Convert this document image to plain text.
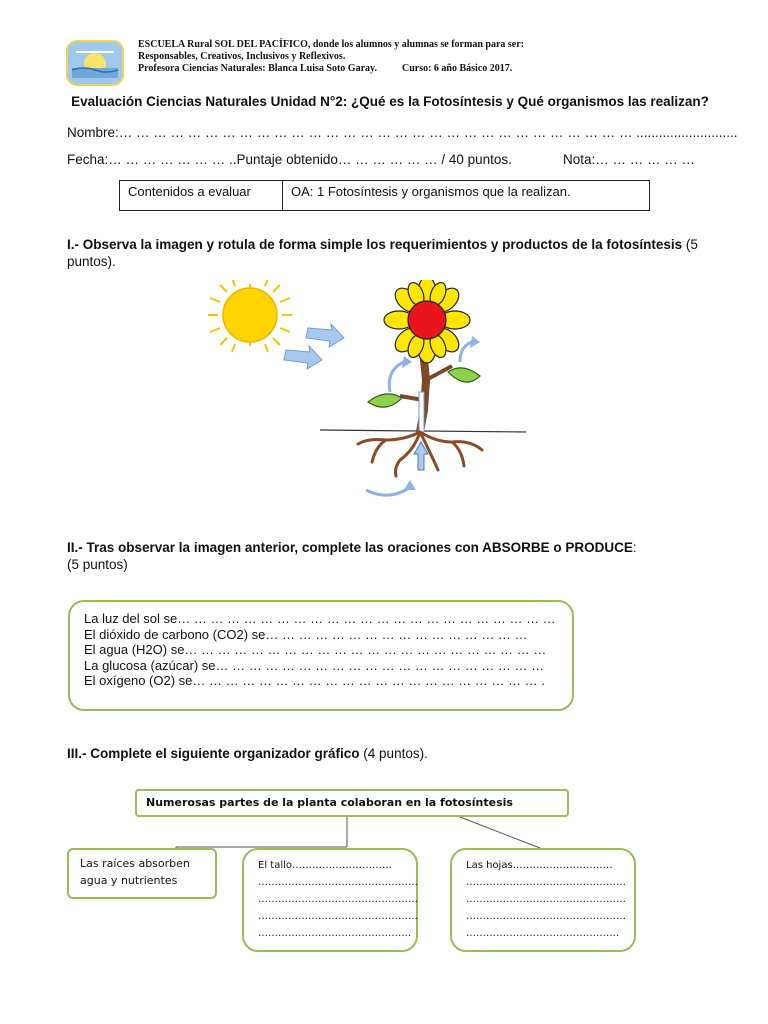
ESCUELA Rural SOL DEL PACÍFICO, donde los alumnos y alumnas se forman para ser:
Responsables, Creativos, Inclusivos y Reflexivos.
Profesora Ciencias Naturales: Blanca Luisa Soto Garay.	Curso: 6 año Básico 2017.
Evaluación Ciencias Naturales Unidad N°2: ¿Qué es la Fotosíntesis y Qué organismos las realizan?
Nombre:… … … … … … … … … … … … … … … … … … … … … … … … … … … … … … ...........................
Fecha:… … … … … … … ..Puntaje obtenido… … … … … … / 40 puntos.	Nota:… … … … … …
Contenidos a evaluar	OA: 1 Fotosíntesis y organismos que la realizan.
I.- Observa la imagen y rotula de forma simple los requerimientos y productos de la fotosíntesis (5 puntos).
II.- Tras observar la imagen anterior, complete las oraciones con ABSORBE o PRODUCE:
(5 puntos)
La luz del sol se… … … … … … … … … … … … … … … … … … … … … … …
El dióxido de carbono (CO2) se… … … … … … … … … … … … … … … …
El agua (H2O) se… … … … … … … … … … … … … … … … … … … … … …
La glucosa (azúcar) se… … … … … … … … … … … … … … … … … … … …
El oxígeno (O2) se… … … … … … … … … … … … … … … … … … … … … .
III.- Complete el siguiente organizador gráfico (4 puntos).
Numerosas partes de la planta colaboran en la fotosíntesis
Las raíces absorben
agua y nutrientes
El tallo…………………………
…………………………………………
…………………………………………
…………………………………………
……………………………………….
Las hojas…………………………
…………………………………………
…………………………………………
…………………………………………
……………………………………….
